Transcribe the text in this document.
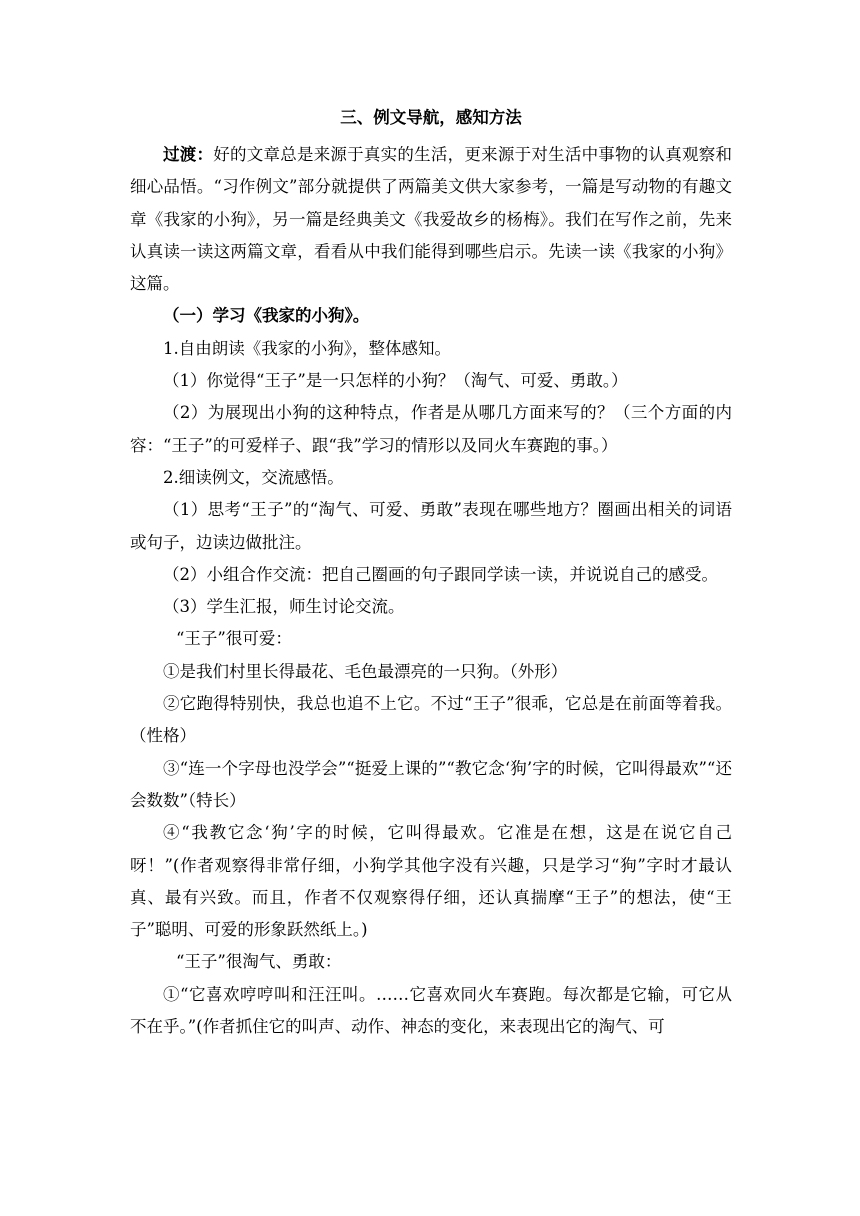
三、例文导航，感知方法

过渡：好的文章总是来源于真实的生活，更来源于对生活中事物的认真观察和细心品悟。“习作例文”部分就提供了两篇美文供大家参考，一篇是写动物的有趣文章《我家的小狗》，另一篇是经典美文《我爱故乡的杨梅》。我们在写作之前，先来认真读一读这两篇文章，看看从中我们能得到哪些启示。先读一读《我家的小狗》这篇。

（一）学习《我家的小狗》。

1.自由朗读《我家的小狗》，整体感知。

（1）你觉得“王子”是一只怎样的小狗？（淘气、可爱、勇敢。）

（2）为展现出小狗的这种特点，作者是从哪几方面来写的？（三个方面的内容：“王子”的可爱样子、跟“我”学习的情形以及同火车赛跑的事。）

2.细读例文，交流感悟。

（1）思考“王子”的“淘气、可爱、勇敢”表现在哪些地方？圈画出相关的词语或句子，边读边做批注。

（2）小组合作交流：把自己圈画的句子跟同学读一读，并说说自己的感受。

（3）学生汇报，师生讨论交流。

“王子”很可爱：

①是我们村里长得最花、毛色最漂亮的一只狗。（外形）

②它跑得特别快，我总也追不上它。不过“王子”很乖，它总是在前面等着我。（性格）

③“连一个字母也没学会”“挺爱上课的”“教它念‘狗’字的时候，它叫得最欢”“还会数数”（特长）

④“我教它念‘狗’字的时候，它叫得最欢。它准是在想，这是在说它自己呀！”(作者观察得非常仔细，小狗学其他字没有兴趣，只是学习“狗”字时才最认真、最有兴致。而且，作者不仅观察得仔细，还认真揣摩“王子”的想法，使“王子”聪明、可爱的形象跃然纸上。)

“王子”很淘气、勇敢：

①“它喜欢哼哼叫和汪汪叫。……它喜欢同火车赛跑。每次都是它输，可它从不在乎。”(作者抓住它的叫声、动作、神态的变化，来表现出它的淘气、可
